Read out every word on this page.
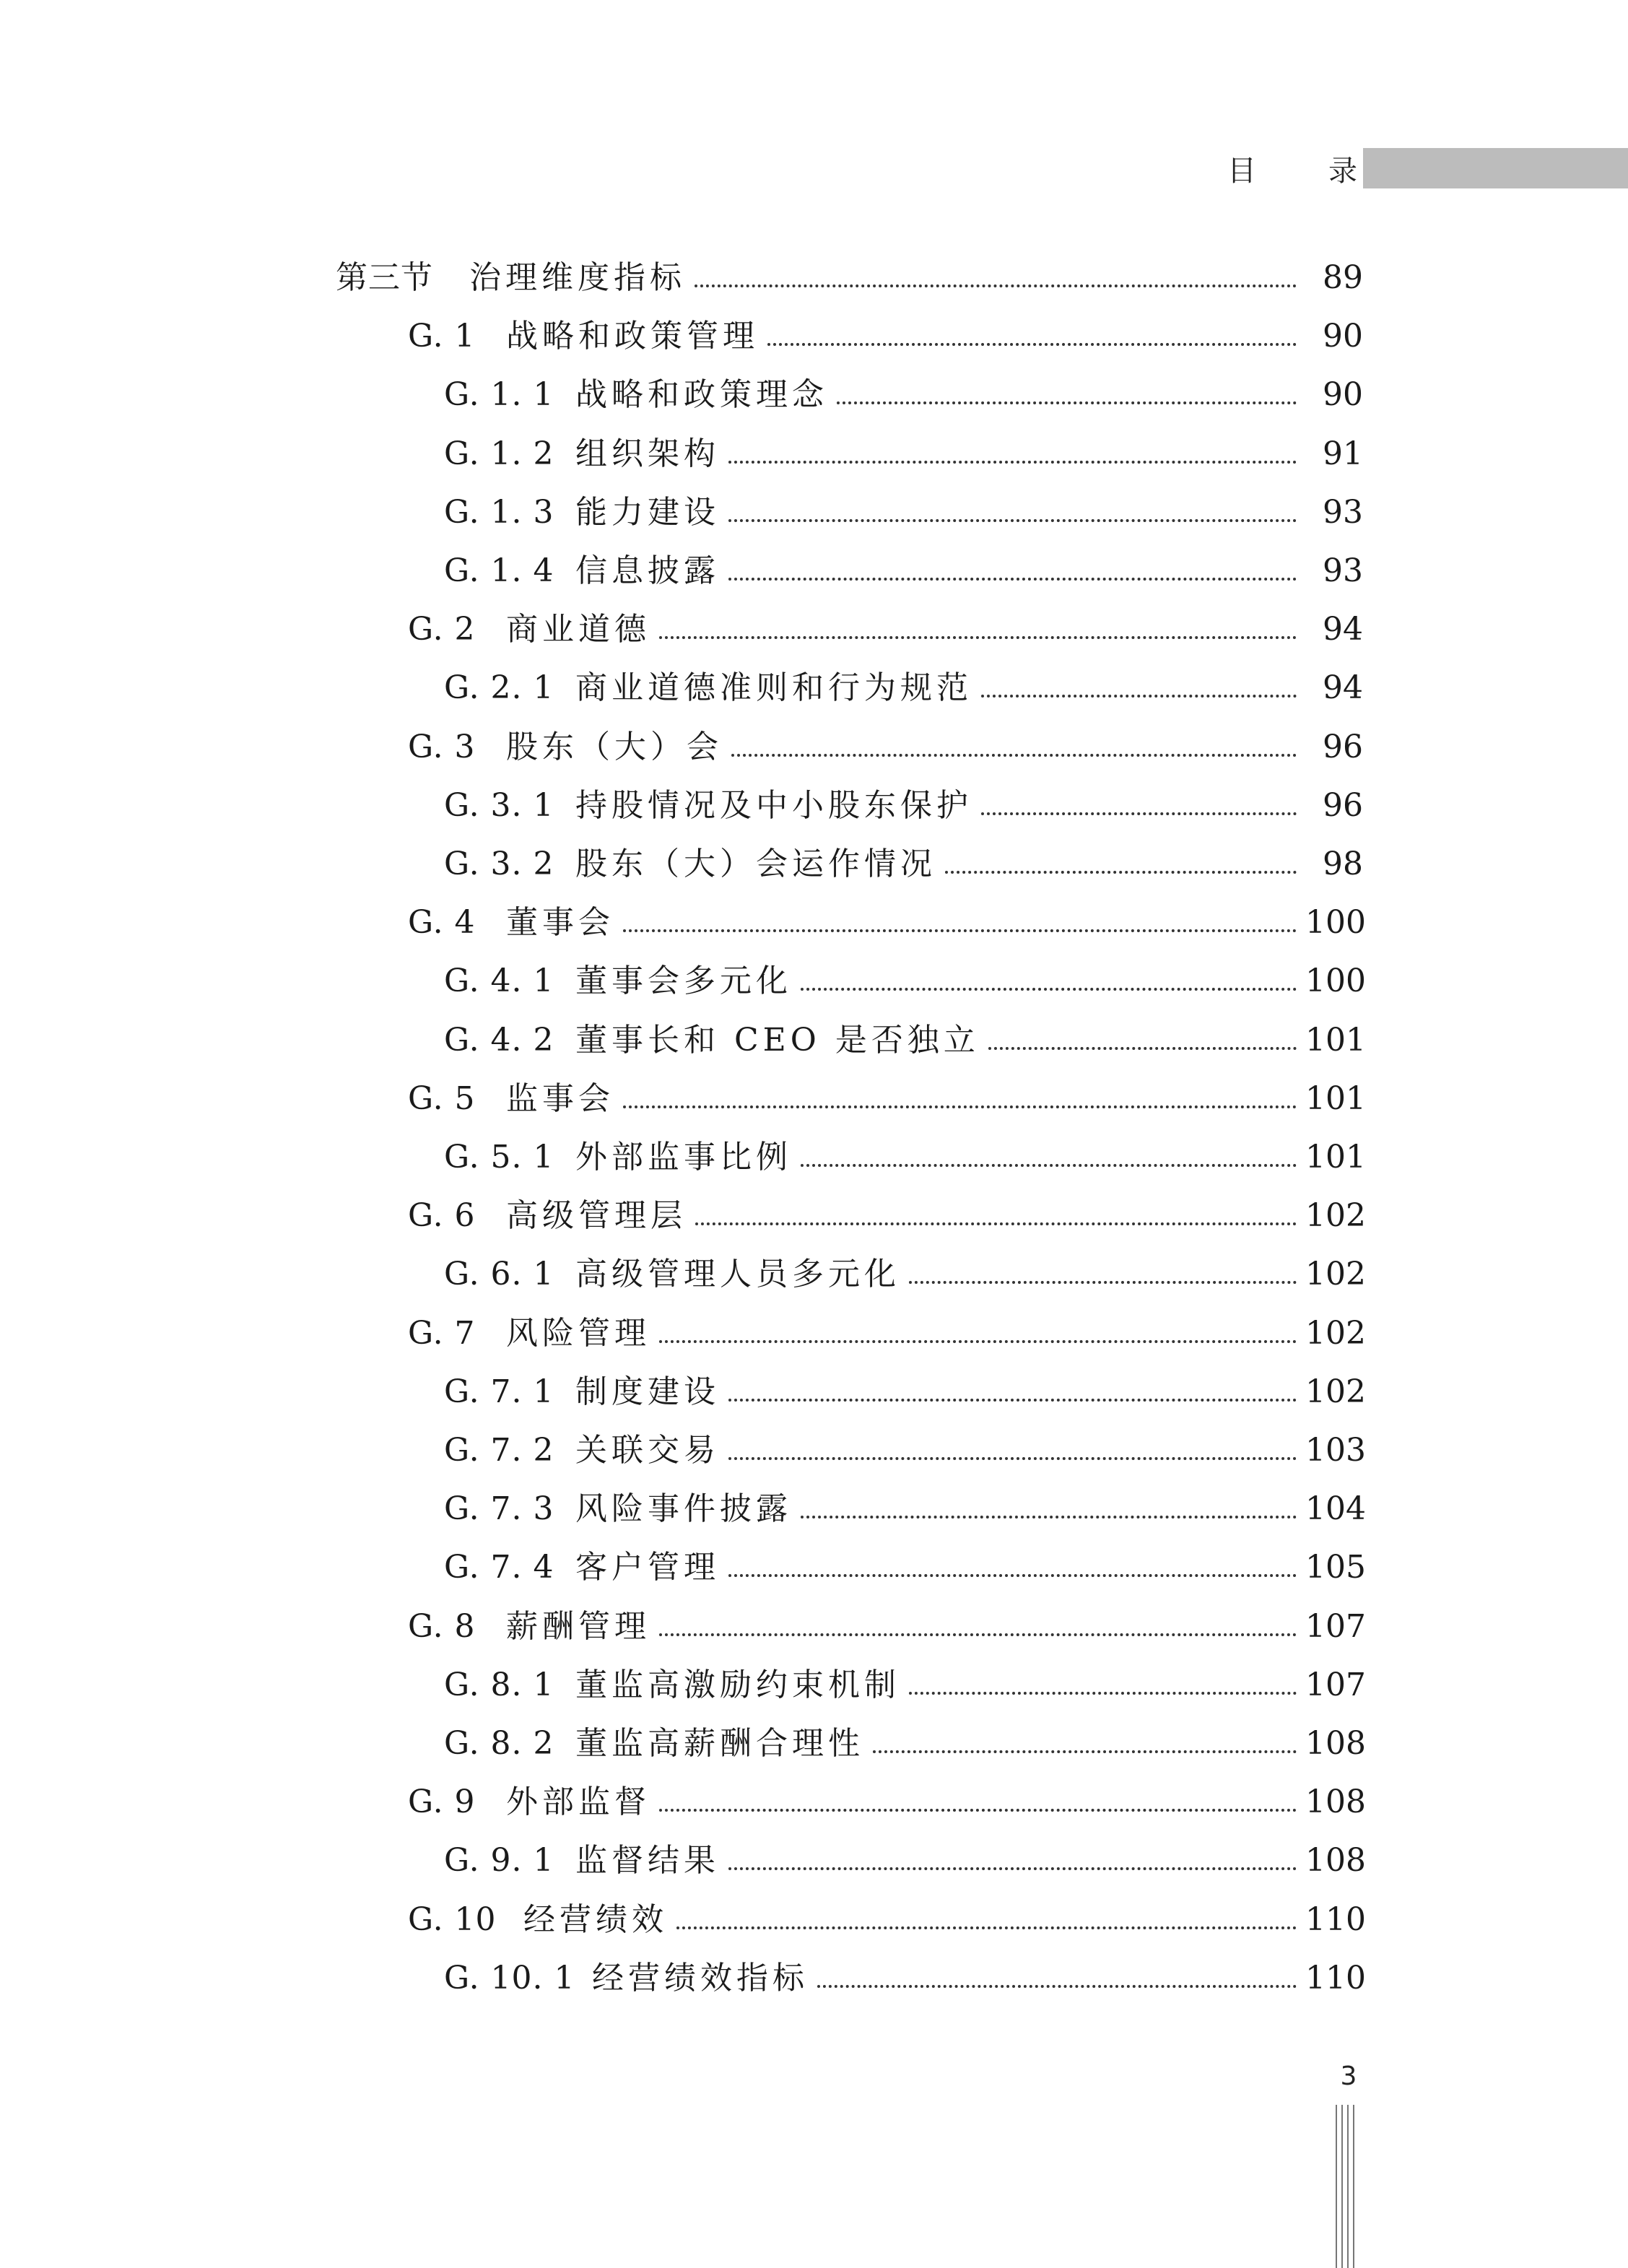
目	录
第三节	治理维度指标	89
G. 1 战略和政策管理	90
G. 1. 1 战略和政策理念	90
G. 1. 2 组织架构	91
G. 1. 3 能力建设	93
G. 1. 4 信息披露	93
G. 2 商业道德	94
G. 2. 1 商业道德准则和行为规范	94
G. 3 股东（大）会	96
G. 3. 1 持股情况及中小股东保护	96
G. 3. 2 股东（大）会运作情况	98
G. 4 董事会	100
G. 4. 1 董事会多元化	100
G. 4. 2 董事长和 CEO 是否独立	101
G. 5 监事会	101
G. 5. 1 外部监事比例	101
G. 6 高级管理层	102
G. 6. 1 高级管理人员多元化	102
G. 7 风险管理	102
G. 7. 1 制度建设	102
G. 7. 2 关联交易	103
G. 7. 3 风险事件披露	104
G. 7. 4 客户管理	105
G. 8 薪酬管理	107
G. 8. 1 董监高激励约束机制	107
G. 8. 2 董监高薪酬合理性	108
G. 9 外部监督	108
G. 9. 1 监督结果	108
G. 10 经营绩效	110
G. 10. 1 经营绩效指标	110
3
